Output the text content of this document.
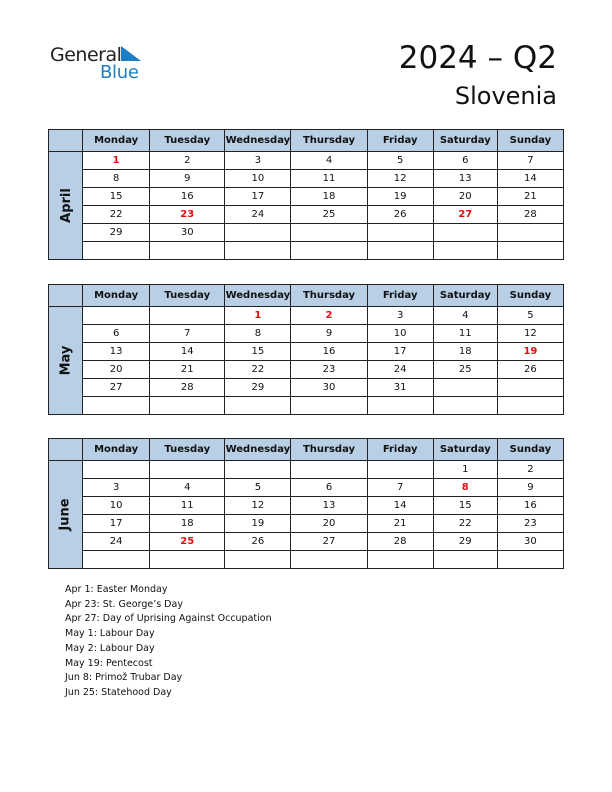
General
Blue	2024 – Q2
Slovenia
	Monday	Tuesday	Wednesday	Thursday	Friday	Saturday	Sunday
April	1	2	3	4	5	6	7
	8	9	10	11	12	13	14
	15	16	17	18	19	20	21
	22	23	24	25	26	27	28
	29	30					

	Monday	Tuesday	Wednesday	Thursday	Friday	Saturday	Sunday
May			1	2	3	4	5
	6	7	8	9	10	11	12
	13	14	15	16	17	18	19
	20	21	22	23	24	25	26
	27	28	29	30	31		

	Monday	Tuesday	Wednesday	Thursday	Friday	Saturday	Sunday
June						1	2
	3	4	5	6	7	8	9
	10	11	12	13	14	15	16
	17	18	19	20	21	22	23
	24	25	26	27	28	29	30

Apr 1: Easter Monday
Apr 23: St. George’s Day
Apr 27: Day of Uprising Against Occupation
May 1: Labour Day
May 2: Labour Day
May 19: Pentecost
Jun 8: Primož Trubar Day
Jun 25: Statehood Day
